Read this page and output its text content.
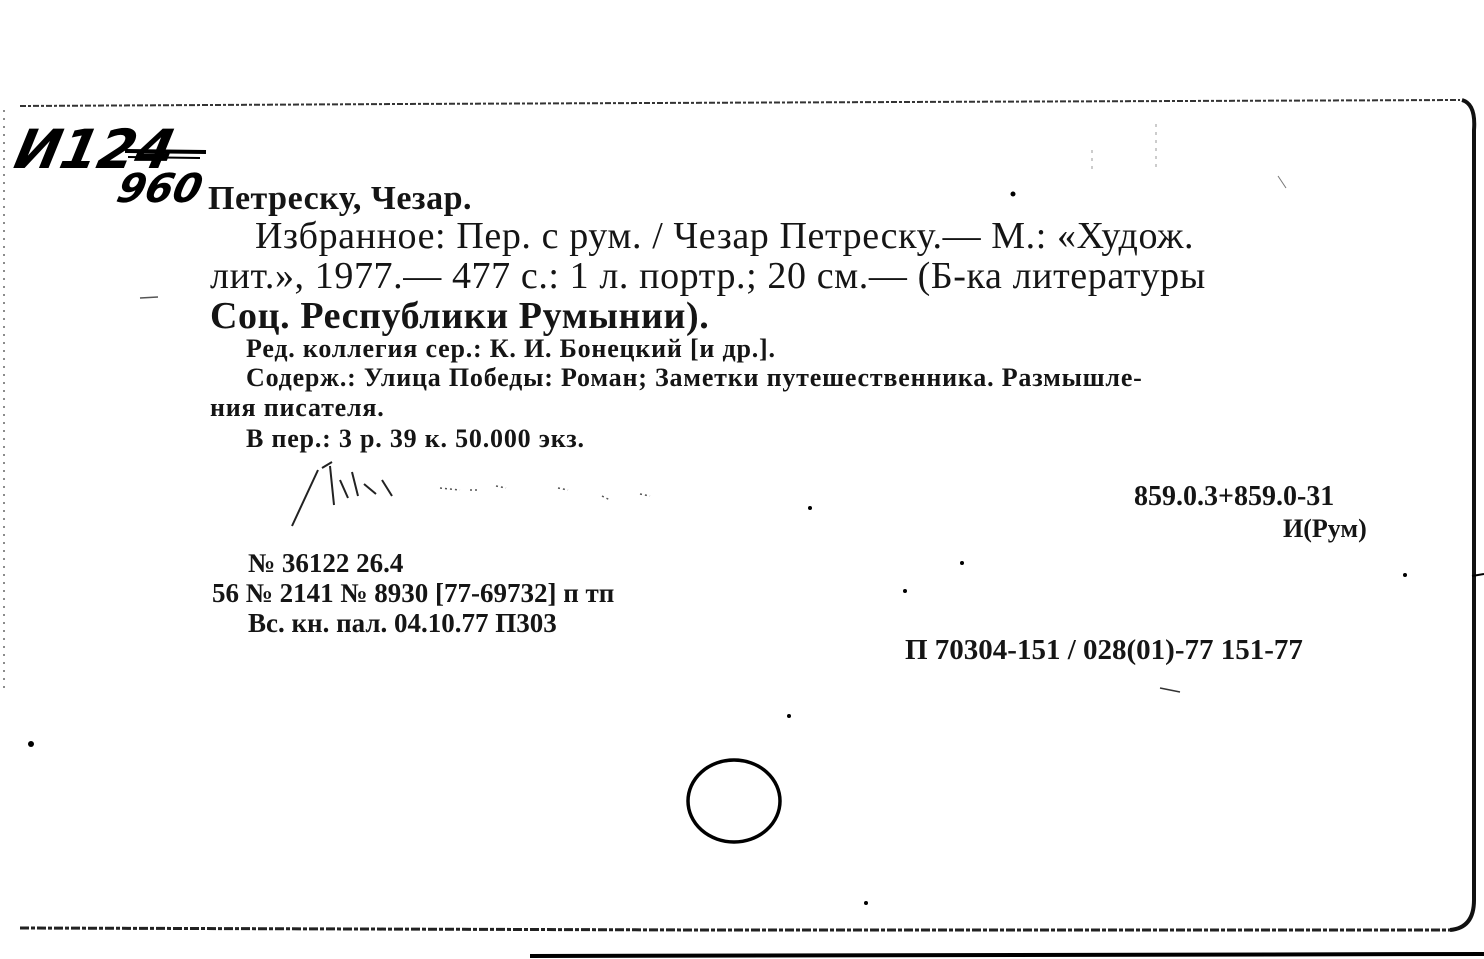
И124
960 Петреску, Чезар.
Избранное: Пер. с рум. / Чезар Петреску.— М.: «Худож.
лит.», 1977.— 477 с.: 1 л. портр.; 20 см.— (Б-ка литературы
Соц. Республики Румынии).
Ред. коллегия сер.: К. И. Бонецкий [и др.].
Содерж.: Улица Победы: Роман; Заметки путешественника. Размышле-
ния писателя.
В пер.: 3 р. 39 к. 50.000 экз.
859.0.3+859.0-31
И(Рум)
№ 36122 26.4
56 № 2141 № 8930 [77-69732] п тп
Вс. кн. пал. 04.10.77 П303
П 70304-151 / 028(01)-77 151-77
